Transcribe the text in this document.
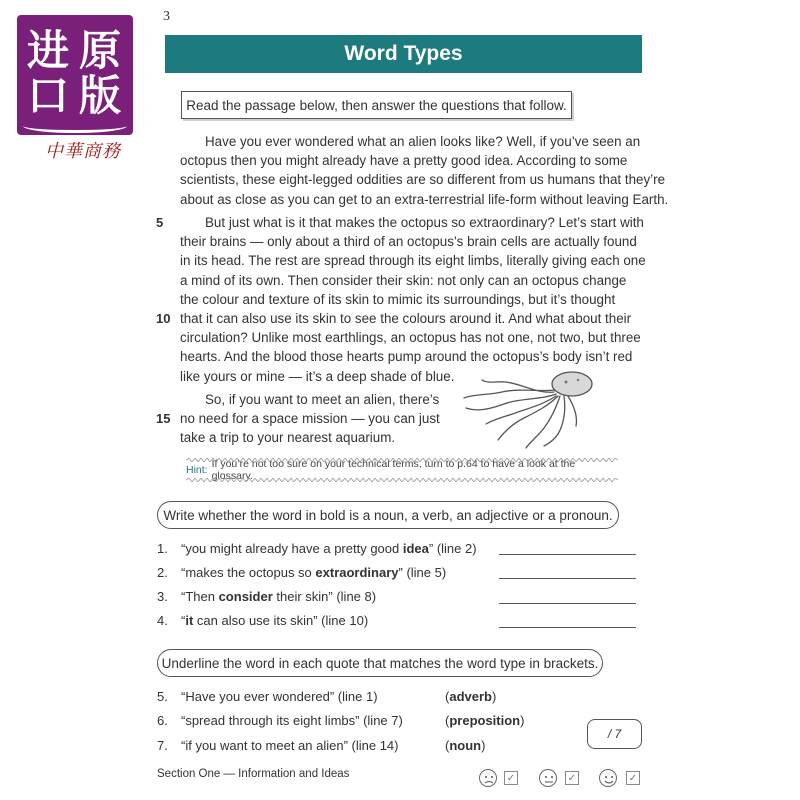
3
进 原
口 版
中華商務
Word Types
Read the passage below, then answer the questions that follow.
Have you ever wondered what an alien looks like? Well, if you’ve seen an
octopus then you might already have a pretty good idea. According to some
scientists, these eight-legged oddities are so different from us humans that they’re
about as close as you can get to an extra-terrestrial life-form without leaving Earth.
But just what is it that makes the octopus so extraordinary? Let’s start with
their brains — only about a third of an octopus’s brain cells are actually found
in its head. The rest are spread through its eight limbs, literally giving each one
a mind of its own. Then consider their skin: not only can an octopus change
the colour and texture of its skin to mimic its surroundings, but it’s thought
that it can also use its skin to see the colours around it. And what about their
circulation? Unlike most earthlings, an octopus has not one, not two, but three
hearts. And the blood those hearts pump around the octopus’s body isn’t red
like yours or mine — it’s a deep shade of blue.
So, if you want to meet an alien, there’s
no need for a space mission — you can just
take a trip to your nearest aquarium.
5
10
15
Hint: If you’re not too sure on your technical terms, turn to p.64 to have a look at the glossary.
Write whether the word in bold is a noun, a verb, an adjective or a pronoun.
1. “you might already have a pretty good idea” (line 2)
2. “makes the octopus so extraordinary” (line 5)
3. “Then consider their skin” (line 8)
4. “it can also use its skin” (line 10)
Underline the word in each quote that matches the word type in brackets.
5. “Have you ever wondered” (line 1)	(adverb)
6. “spread through its eight limbs” (line 7)	(preposition)
7. “if you want to meet an alien” (line 14)	(noun)
/ 7
Section One — Information and Ideas	✓	✓	✓
